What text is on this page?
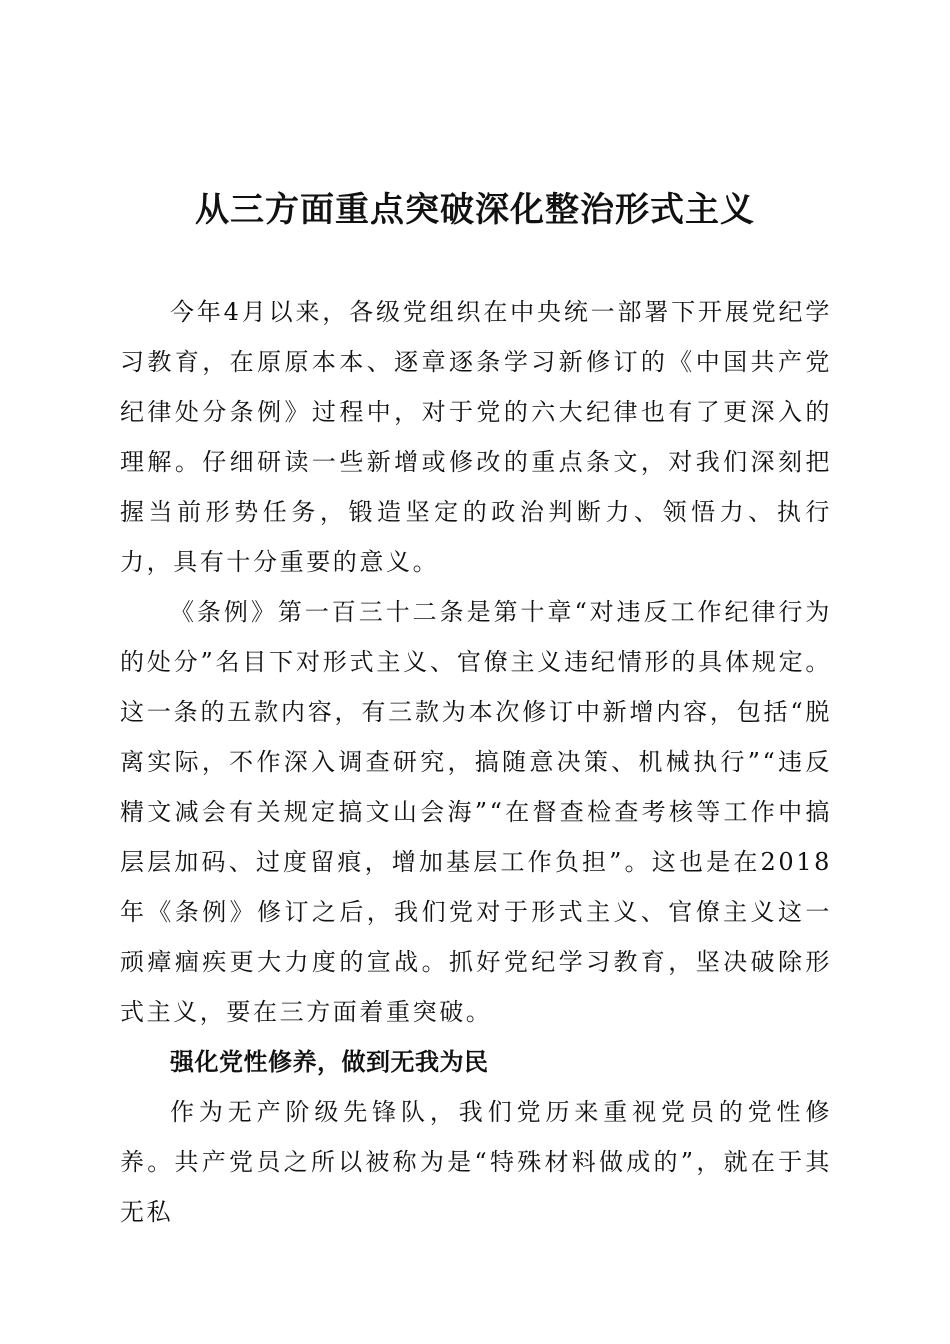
从三方面重点突破深化整治形式主义

今年4月以来，各级党组织在中央统一部署下开展党纪学习教育，在原原本本、逐章逐条学习新修订的《中国共产党纪律处分条例》过程中，对于党的六大纪律也有了更深入的理解。仔细研读一些新增或修改的重点条文，对我们深刻把握当前形势任务，锻造坚定的政治判断力、领悟力、执行力，具有十分重要的意义。

《条例》第一百三十二条是第十章“对违反工作纪律行为的处分”名目下对形式主义、官僚主义违纪情形的具体规定。这一条的五款内容，有三款为本次修订中新增内容，包括“脱离实际，不作深入调查研究，搞随意决策、机械执行”“违反精文减会有关规定搞文山会海”“在督查检查考核等工作中搞层层加码、过度留痕，增加基层工作负担”。这也是在2018年《条例》修订之后，我们党对于形式主义、官僚主义这一顽瘴痼疾更大力度的宣战。抓好党纪学习教育，坚决破除形式主义，要在三方面着重突破。

强化党性修养，做到无我为民

作为无产阶级先锋队，我们党历来重视党员的党性修养。共产党员之所以被称为是“特殊材料做成的”，就在于其无私
